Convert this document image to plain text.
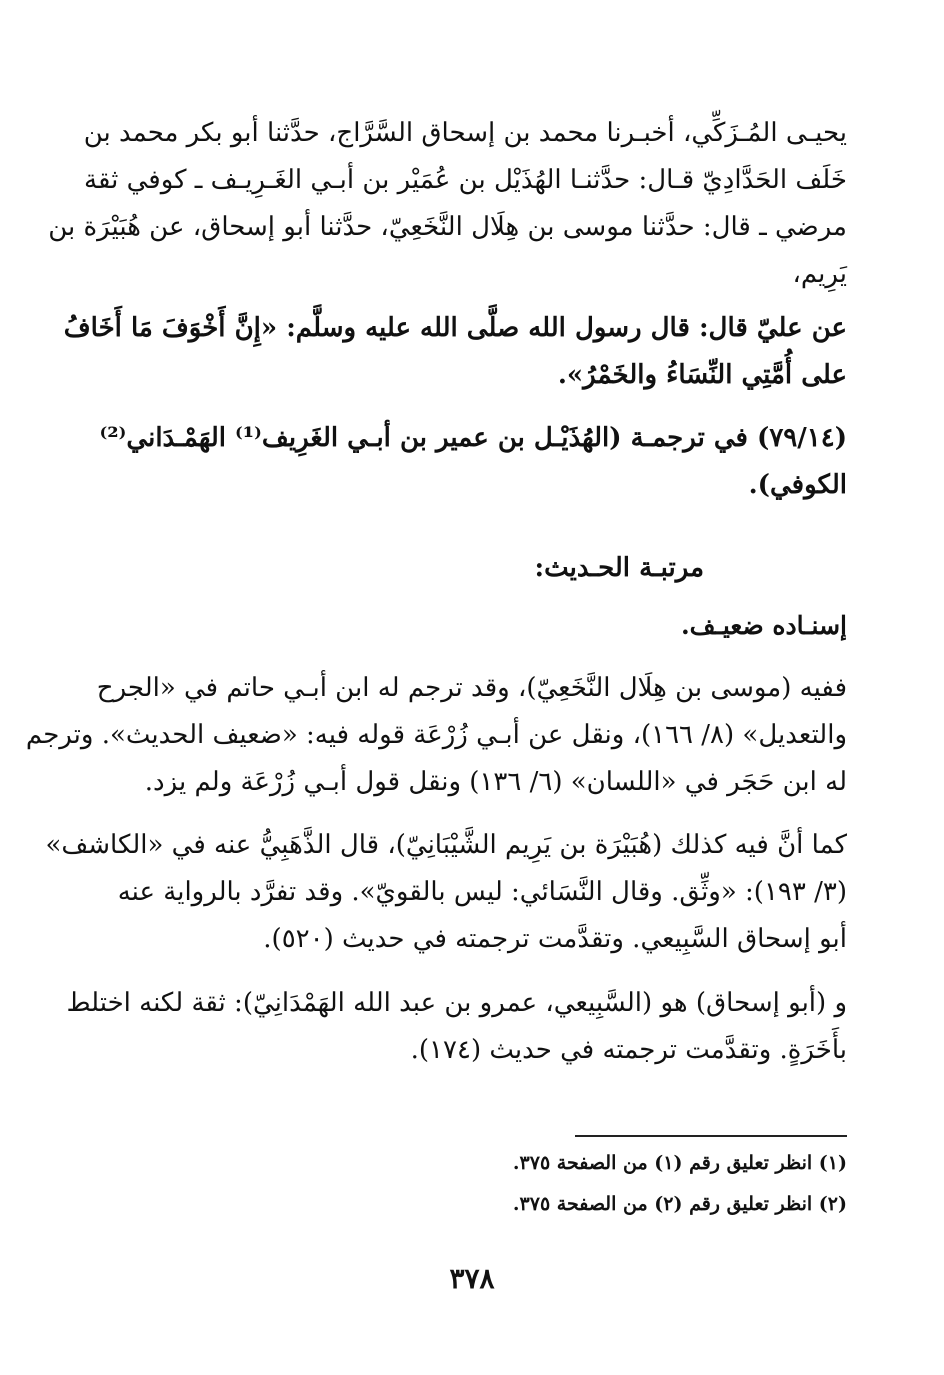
يحيـى المُـزَكِّي، أخبـرنا محمد بن إسحاق السَّرَّاج، حدَّثنا أبو بكر محمد بن
خَلَف الحَدَّادِيّ قـال: حدَّثنـا الهُذَيْل بن عُمَيْر بن أبـي الغَـرِيـف ـ كوفي ثقة
مرضي ـ قال: حدَّثنا موسى بن هِلَال النَّخَعِيّ، حدَّثنا أبو إسحاق، عن هُبَيْرَة بن
يَرِيم،
عن عليّ قال: قال رسول الله صلَّى الله عليه وسلَّم: «إِنَّ أَخْوَفَ مَا أَخَافُ
على أُمَّتِي النِّسَاءُ والخَمْرُ».
(٧٩/١٤) في ترجمـة (الهُذَيْـل بن عمير بن أبـي الغَرِيف⁽¹⁾ الهَمْـدَاني⁽²⁾
الكوفي).
مرتبـة الحـديث:
إسنـاده ضعيـف.
ففيه (موسى بن هِلَال النَّخَعِيّ)، وقد ترجم له ابن أبـي حاتم في «الجرح
والتعديل» (٨/ ١٦٦)، ونقل عن أبـي زُرْعَة قوله فيه: «ضعيف الحديث». وترجم
له ابن حَجَر في «اللسان» (٦/ ١٣٦) ونقل قول أبـي زُرْعَة ولم يزد.
كما أنَّ فيه كذلك (هُبَيْرَة بن يَرِيم الشَّيْبَانِيّ)، قال الذَّهَبِيُّ عنه في «الكاشف»
(٣/ ١٩٣): «وثِّق. وقال النَّسَائي: ليس بالقويّ». وقد تفرَّد بالرواية عنه
أبو إسحاق السَّبِيعي. وتقدَّمت ترجمته في حديث (٥٢٠).
و (أبو إسحاق) هو (السَّبِيعي، عمرو بن عبد الله الهَمْدَانِيّ): ثقة لكنه اختلط
بأَخَرَةٍ. وتقدَّمت ترجمته في حديث (١٧٤).
(١) انظر تعليق رقم (١) من الصفحة ٣٧٥.
(٢) انظر تعليق رقم (٢) من الصفحة ٣٧٥.
٣٧٨
